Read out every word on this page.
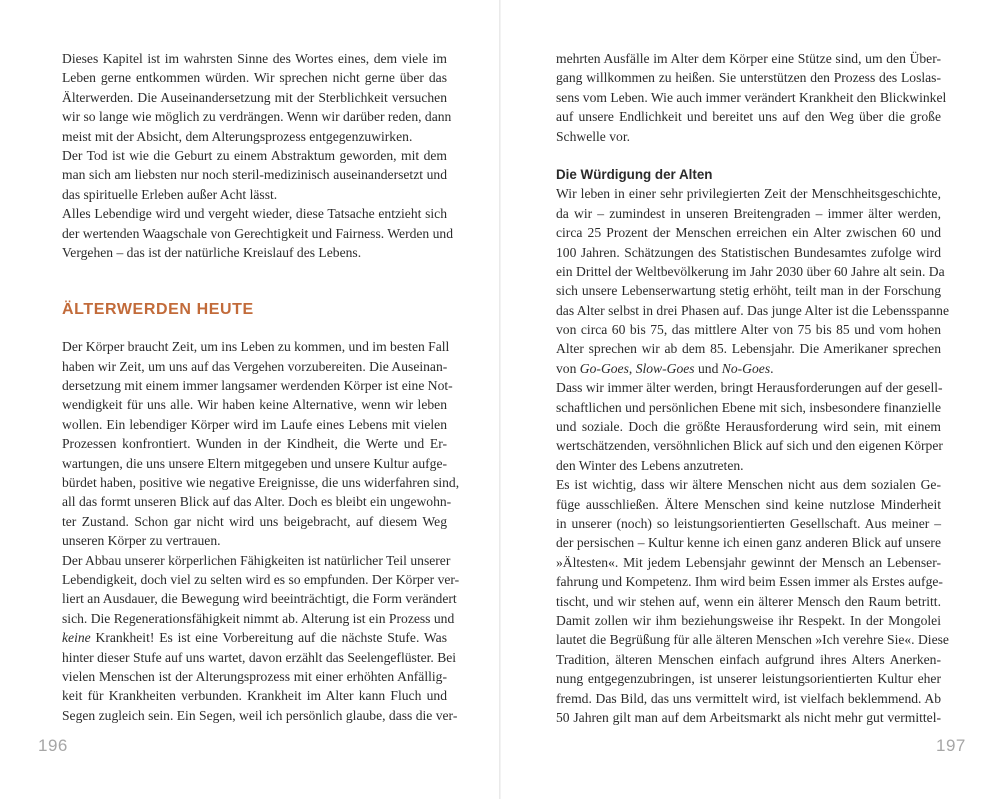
Dieses Kapitel ist im wahrsten Sinne des Wortes eines, dem viele im
Leben gerne entkommen würden. Wir sprechen nicht gerne über das
Älterwerden. Die Auseinandersetzung mit der Sterblichkeit versuchen
wir so lange wie möglich zu verdrängen. Wenn wir darüber reden, dann
meist mit der Absicht, dem Alterungsprozess entgegenzuwirken.
Der Tod ist wie die Geburt zu einem Abstraktum geworden, mit dem
man sich am liebsten nur noch steril-medizinisch auseinandersetzt und
das spirituelle Erleben außer Acht lässt.
Alles Lebendige wird und vergeht wieder, diese Tatsache entzieht sich
der wertenden Waagschale von Gerechtigkeit und Fairness. Werden und
Vergehen – das ist der natürliche Kreislauf des Lebens.
ÄLTERWERDEN HEUTE
Der Körper braucht Zeit, um ins Leben zu kommen, und im besten Fall
haben wir Zeit, um uns auf das Vergehen vorzubereiten. Die Auseinan-
dersetzung mit einem immer langsamer werdenden Körper ist eine Not-
wendigkeit für uns alle. Wir haben keine Alternative, wenn wir leben
wollen. Ein lebendiger Körper wird im Laufe eines Lebens mit vielen
Prozessen konfrontiert. Wunden in der Kindheit, die Werte und Er-
wartungen, die uns unsere Eltern mitgegeben und unsere Kultur aufge-
bürdet haben, positive wie negative Ereignisse, die uns widerfahren sind,
all das formt unseren Blick auf das Alter. Doch es bleibt ein ungewohn-
ter Zustand. Schon gar nicht wird uns beigebracht, auf diesem Weg
unseren Körper zu vertrauen.
Der Abbau unserer körperlichen Fähigkeiten ist natürlicher Teil unserer
Lebendigkeit, doch viel zu selten wird es so empfunden. Der Körper ver-
liert an Ausdauer, die Bewegung wird beeinträchtigt, die Form verändert
sich. Die Regenerationsfähigkeit nimmt ab. Alterung ist ein Prozess und
keine Krankheit! Es ist eine Vorbereitung auf die nächste Stufe. Was
hinter dieser Stufe auf uns wartet, davon erzählt das Seelengeflüster. Bei
vielen Menschen ist der Alterungsprozess mit einer erhöhten Anfällig-
keit für Krankheiten verbunden. Krankheit im Alter kann Fluch und
Segen zugleich sein. Ein Segen, weil ich persönlich glaube, dass die ver-
196
mehrten Ausfälle im Alter dem Körper eine Stütze sind, um den Über-
gang willkommen zu heißen. Sie unterstützen den Prozess des Loslas-
sens vom Leben. Wie auch immer verändert Krankheit den Blickwinkel
auf unsere Endlichkeit und bereitet uns auf den Weg über die große
Schwelle vor.
Die Würdigung der Alten
Wir leben in einer sehr privilegierten Zeit der Menschheitsgeschichte,
da wir – zumindest in unseren Breitengraden – immer älter werden,
circa 25 Prozent der Menschen erreichen ein Alter zwischen 60 und
100 Jahren. Schätzungen des Statistischen Bundesamtes zufolge wird
ein Drittel der Weltbevölkerung im Jahr 2030 über 60 Jahre alt sein. Da
sich unsere Lebenserwartung stetig erhöht, teilt man in der Forschung
das Alter selbst in drei Phasen auf. Das junge Alter ist die Lebensspanne
von circa 60 bis 75, das mittlere Alter von 75 bis 85 und vom hohen
Alter sprechen wir ab dem 85. Lebensjahr. Die Amerikaner sprechen
von Go-Goes, Slow-Goes und No-Goes.
Dass wir immer älter werden, bringt Herausforderungen auf der gesell-
schaftlichen und persönlichen Ebene mit sich, insbesondere finanzielle
und soziale. Doch die größte Herausforderung wird sein, mit einem
wertschätzenden, versöhnlichen Blick auf sich und den eigenen Körper
den Winter des Lebens anzutreten.
Es ist wichtig, dass wir ältere Menschen nicht aus dem sozialen Ge-
füge ausschließen. Ältere Menschen sind keine nutzlose Minderheit
in unserer (noch) so leistungsorientierten Gesellschaft. Aus meiner –
der persischen – Kultur kenne ich einen ganz anderen Blick auf unsere
»Ältesten«. Mit jedem Lebensjahr gewinnt der Mensch an Lebenser-
fahrung und Kompetenz. Ihm wird beim Essen immer als Erstes aufge-
tischt, und wir stehen auf, wenn ein älterer Mensch den Raum betritt.
Damit zollen wir ihm beziehungsweise ihr Respekt. In der Mongolei
lautet die Begrüßung für alle älteren Menschen »Ich verehre Sie«. Diese
Tradition, älteren Menschen einfach aufgrund ihres Alters Anerken-
nung entgegenzubringen, ist unserer leistungsorientierten Kultur eher
fremd. Das Bild, das uns vermittelt wird, ist vielfach beklemmend. Ab
50 Jahren gilt man auf dem Arbeitsmarkt als nicht mehr gut vermittel-
197
